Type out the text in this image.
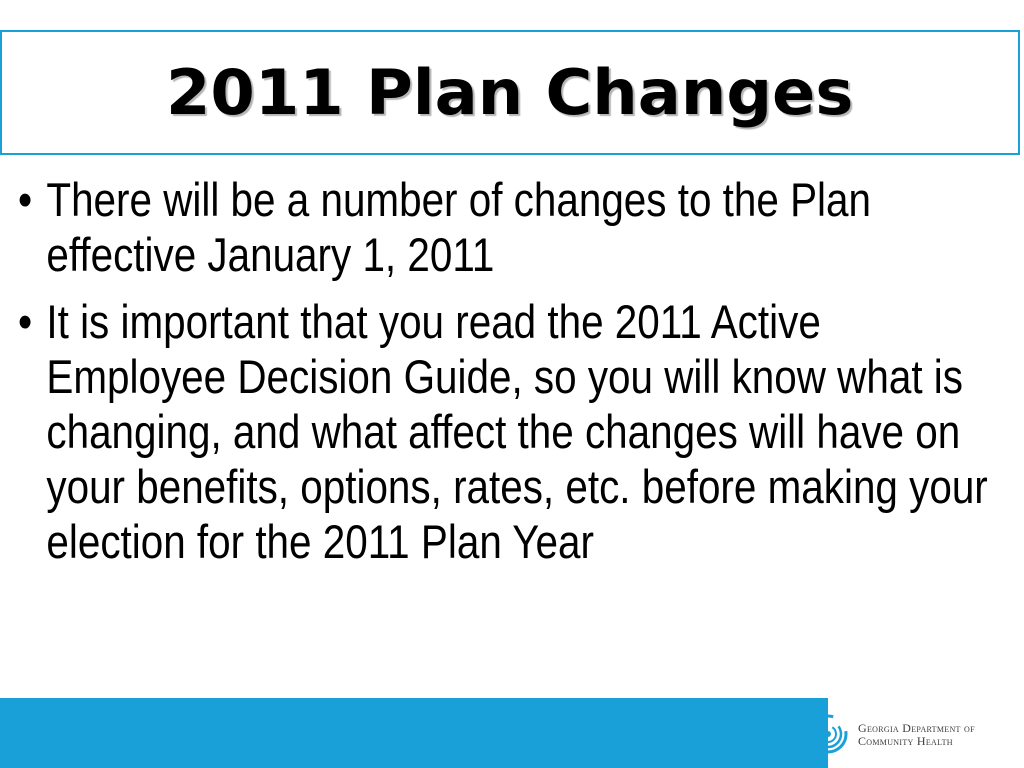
2011 Plan Changes
• There will be a number of changes to the Plan effective January 1, 2011
• It is important that you read the 2011 Active Employee Decision Guide, so you will know what is changing, and what affect the changes will have on your benefits, options, rates, etc. before making your election for the 2011 Plan Year
Georgia Department of
Community Health
